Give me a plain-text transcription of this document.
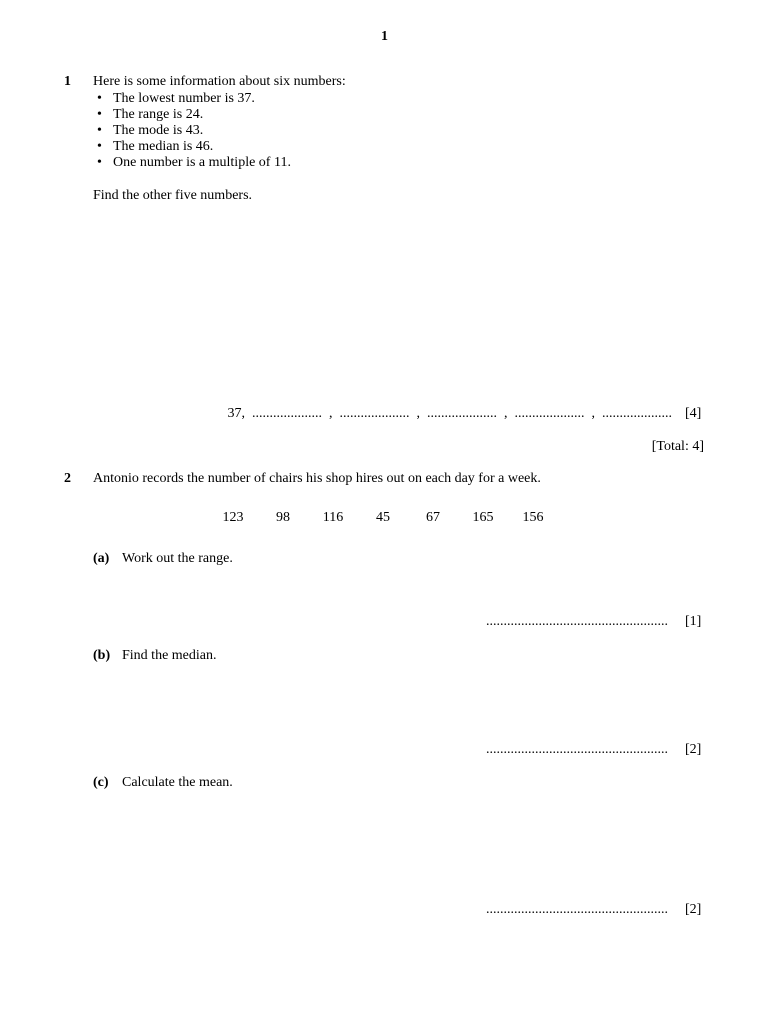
1
1 Here is some information about six numbers:
• The lowest number is 37.
• The range is 24.
• The mode is 43.
• The median is 46.
• One number is a multiple of 11.
Find the other five numbers.
37,  ....................  ,  ....................  ,  ....................  ,  ....................  ,  .................... [4]
[Total: 4]
2 Antonio records the number of chairs his shop hires out on each day for a week.
123 98 116 45	67 165 156
(a) Work out the range.
.................................................... [1]
(b) Find the median.
.................................................... [2]
(c) Calculate the mean.
.................................................... [2]
